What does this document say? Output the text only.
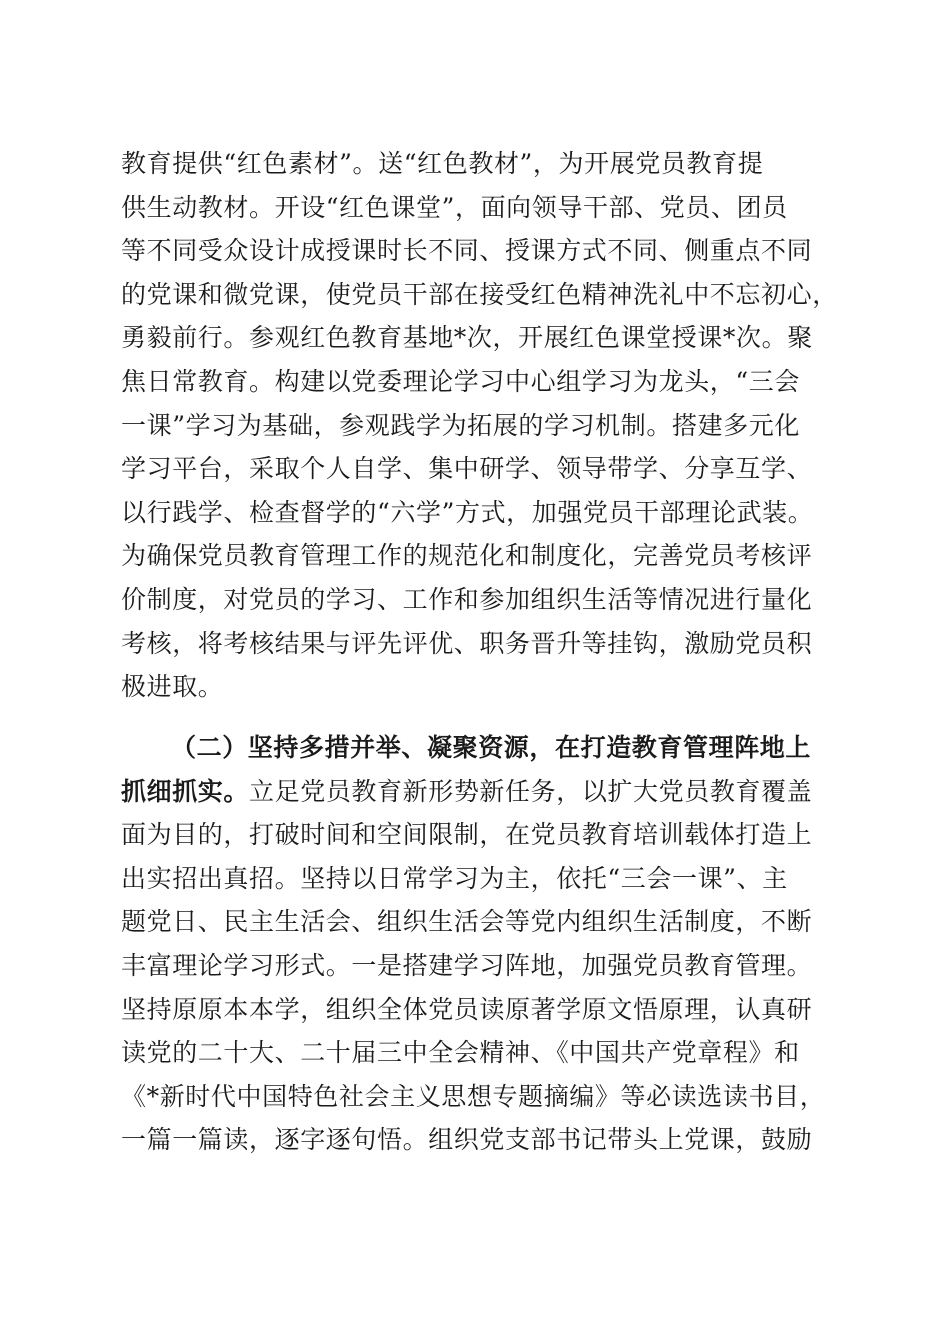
教育提供“红色素材”。送“红色教材”，为开展党员教育提
供生动教材。开设“红色课堂”，面向领导干部、党员、团员
等不同受众设计成授课时长不同、授课方式不同、侧重点不同
的党课和微党课，使党员干部在接受红色精神洗礼中不忘初心，
勇毅前行。参观红色教育基地*次，开展红色课堂授课*次。聚
焦日常教育。构建以党委理论学习中心组学习为龙头，“三会
一课”学习为基础，参观践学为拓展的学习机制。搭建多元化
学习平台，采取个人自学、集中研学、领导带学、分享互学、
以行践学、检查督学的“六学”方式，加强党员干部理论武装。
为确保党员教育管理工作的规范化和制度化，完善党员考核评
价制度，对党员的学习、工作和参加组织生活等情况进行量化
考核，将考核结果与评先评优、职务晋升等挂钩，激励党员积
极进取。
（二）坚持多措并举、凝聚资源，在打造教育管理阵地上
抓细抓实。立足党员教育新形势新任务，以扩大党员教育覆盖
面为目的，打破时间和空间限制，在党员教育培训载体打造上
出实招出真招。坚持以日常学习为主，依托“三会一课”、主
题党日、民主生活会、组织生活会等党内组织生活制度，不断
丰富理论学习形式。一是搭建学习阵地，加强党员教育管理。
坚持原原本本学，组织全体党员读原著学原文悟原理，认真研
读党的二十大、二十届三中全会精神、《中国共产党章程》和
《*新时代中国特色社会主义思想专题摘编》等必读选读书目，
一篇一篇读，逐字逐句悟。组织党支部书记带头上党课，鼓励
